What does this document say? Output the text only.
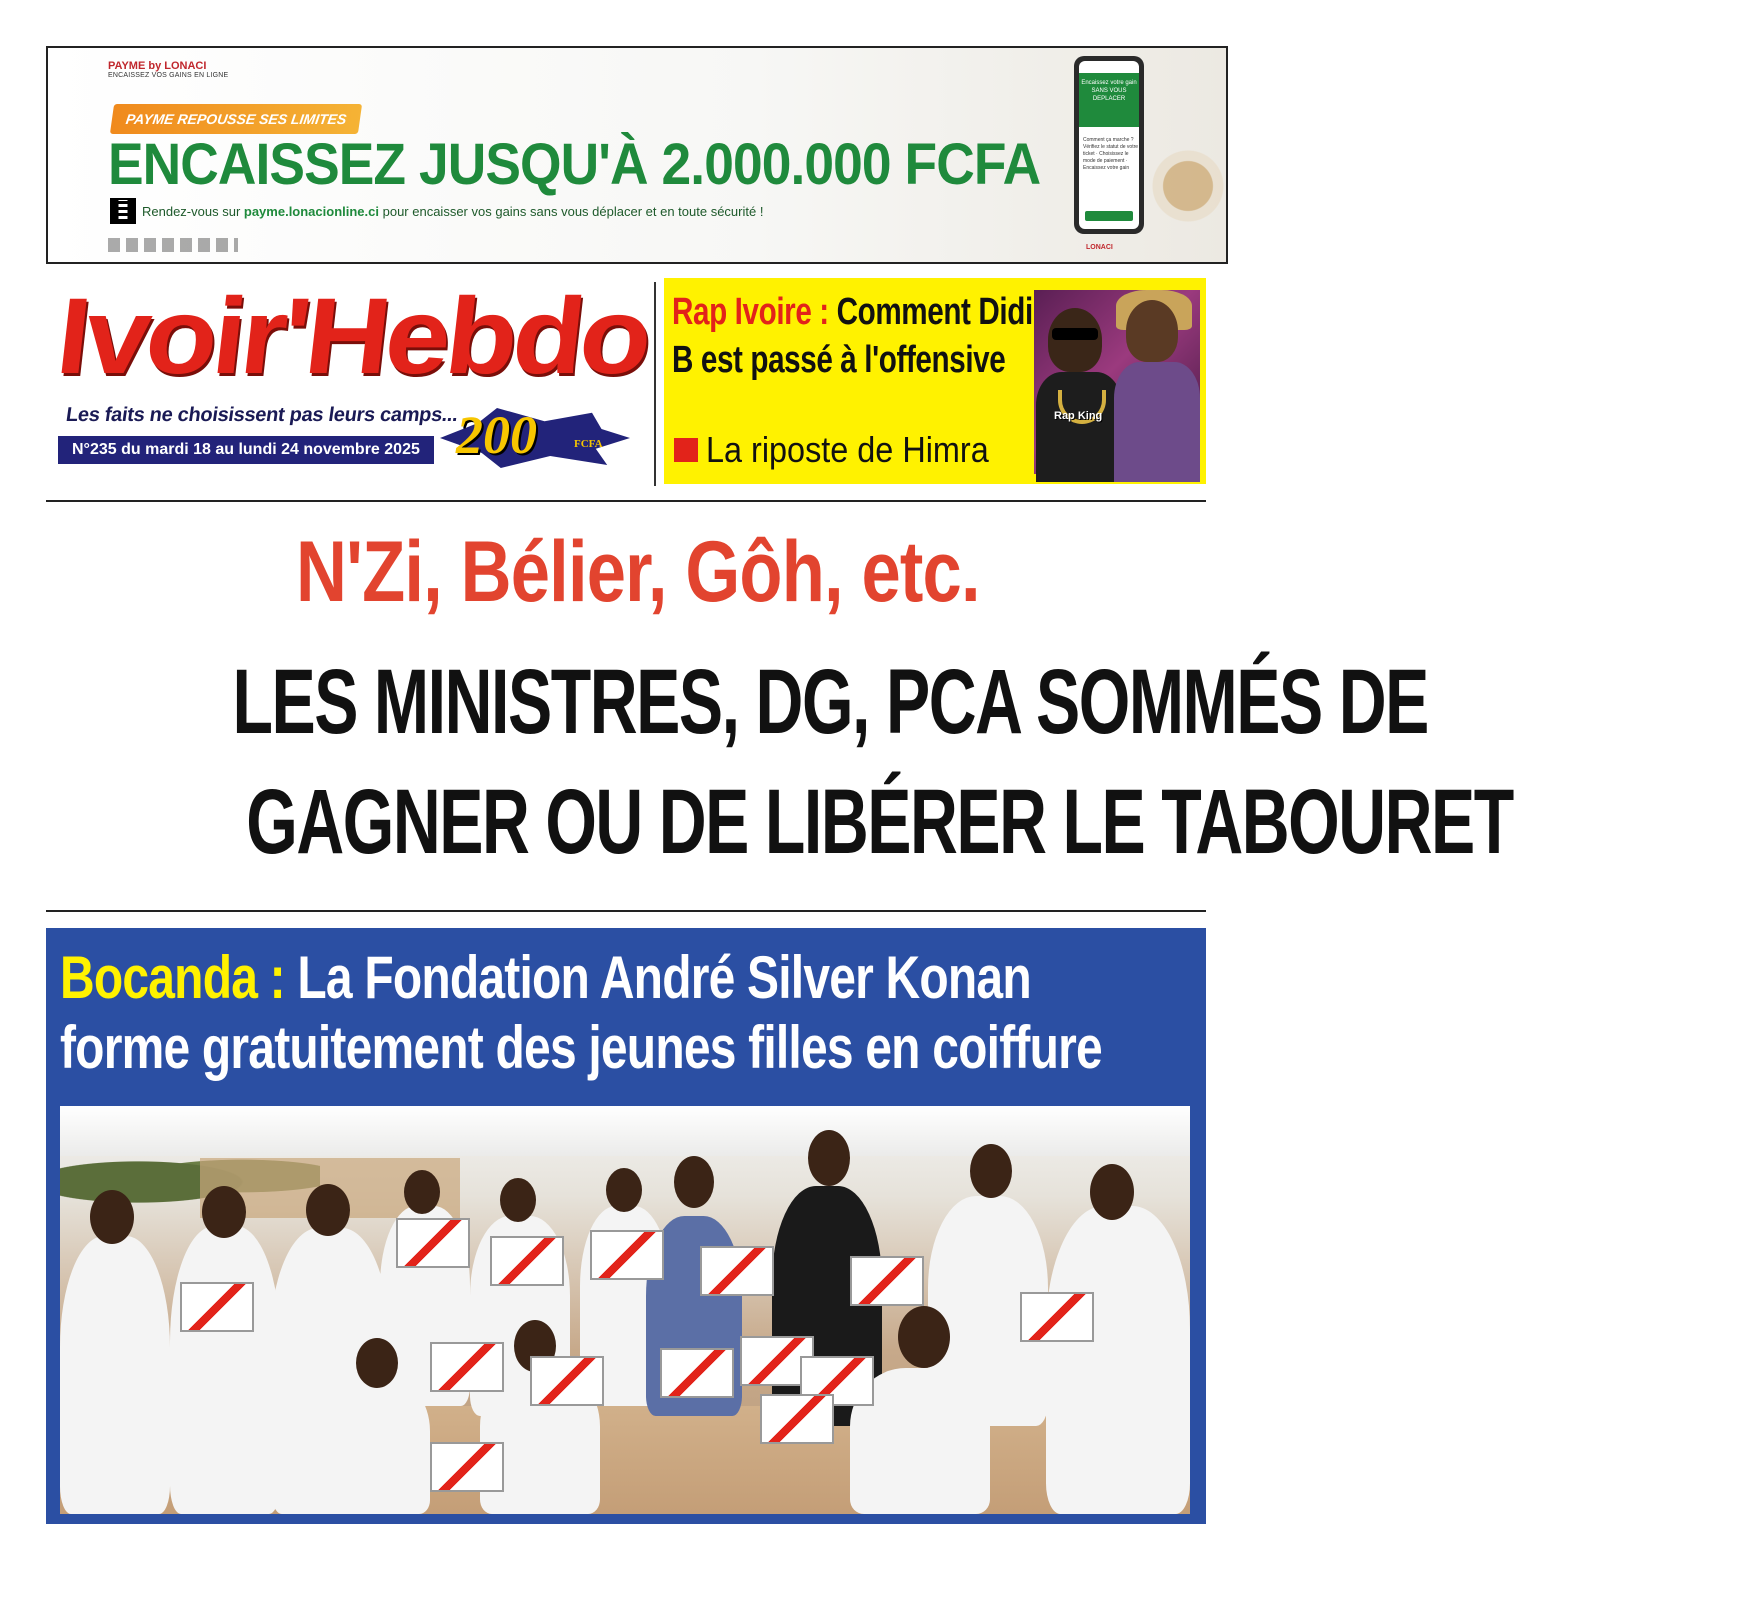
PAYME by LONACI
ENCAISSEZ VOS GAINS EN LIGNE
PAYME REPOUSSE SES LIMITES
ENCAISSEZ JUSQU'À 2.000.000 FCFA
Rendez-vous sur payme.lonacionline.ci pour encaisser vos gains sans vous déplacer et en toute sécurité !
Encaissez votre gain SANS VOUS DEPLACER
Comment ça marche ? Vérifiez le statut de votre ticket · Choisissez le mode de paiement · Encaissez votre gain
LONACI
Ivoir'Hebdo
Les faits ne choisissent pas leurs camps...
N°235 du mardi 18 au lundi 24 novembre 2025 200	FCFA
Rap Ivoire : Comment Didi
B est passé à l'offensive
La riposte de Himra
Rap King
N'Zi, Bélier, Gôh, etc.
LES MINISTRES, DG, PCA SOMMÉS DE
GAGNER OU DE LIBÉRER LE TABOURET
Bocanda : La Fondation André Silver Konan
forme gratuitement des jeunes filles en coiffure
